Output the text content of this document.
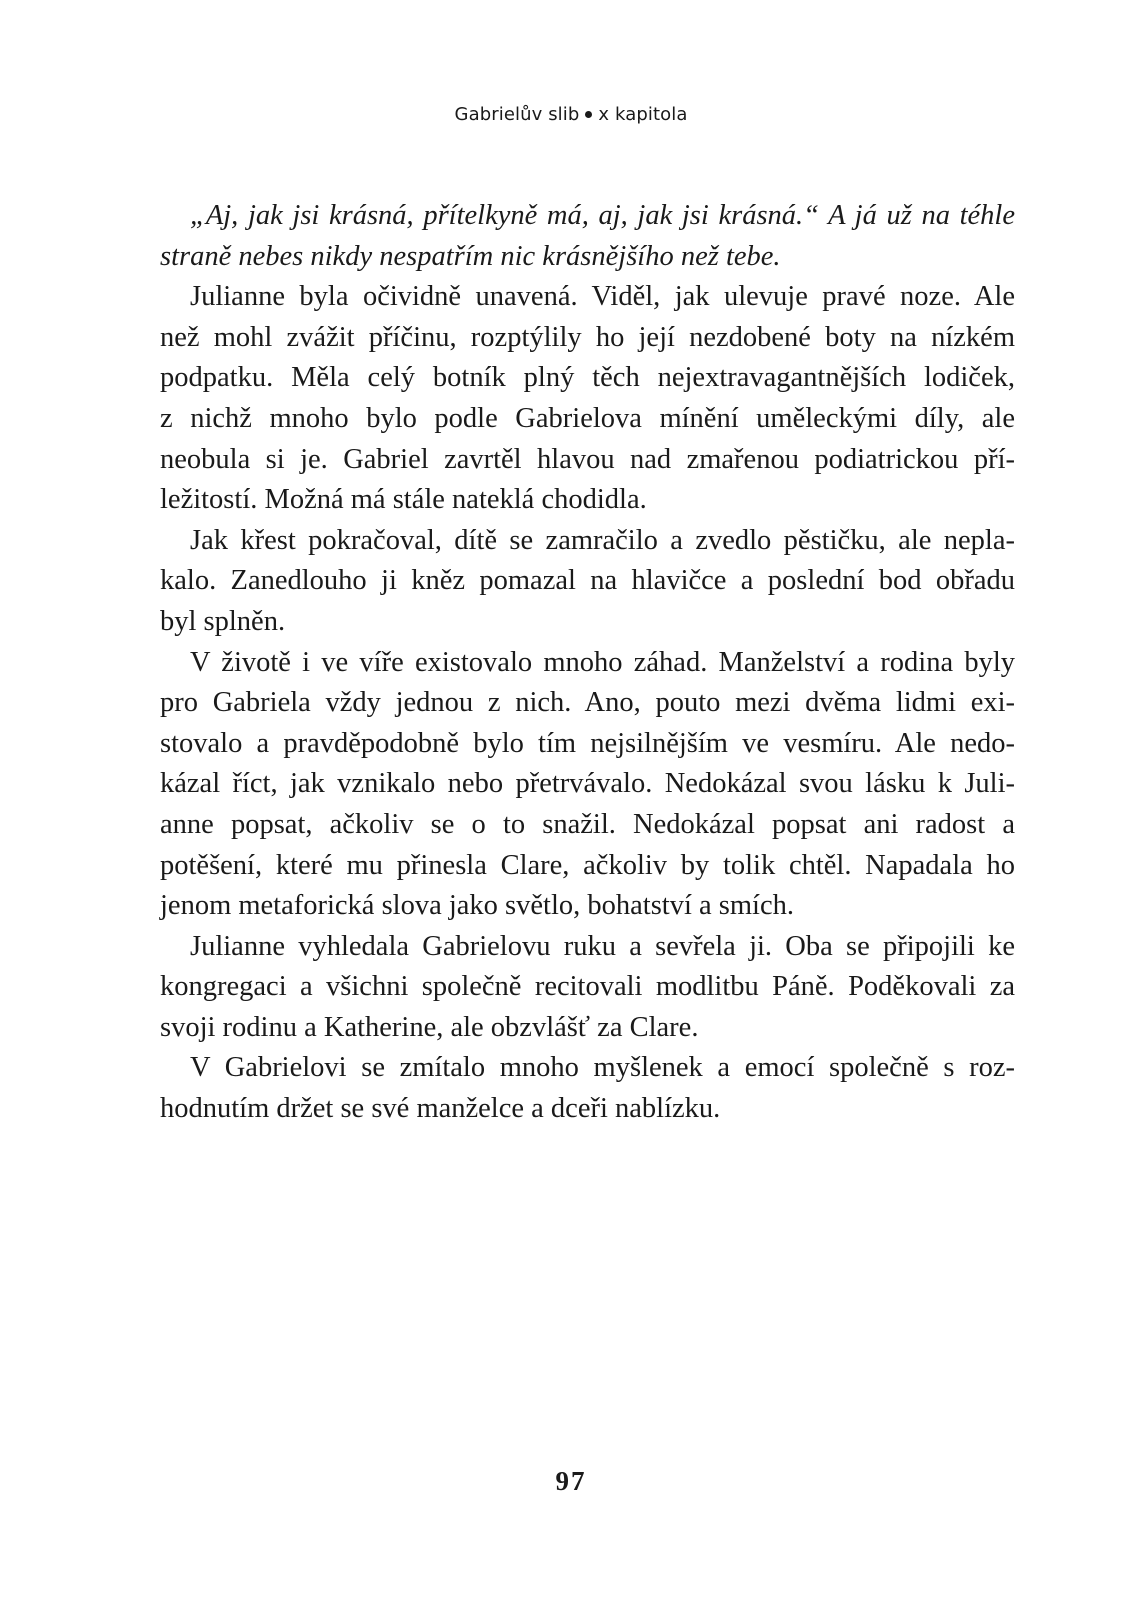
Gabrielův slib x kapitola

„Aj, jak jsi krásná, přítelkyně má, aj, jak jsi krásná.“ A já už na téhle
straně nebes nikdy nespatřím nic krásnějšího než tebe.

Julianne byla očividně unavená. Viděl, jak ulevuje pravé noze. Ale
než mohl zvážit příčinu, rozptýlily ho její nezdobené boty na nízkém
podpatku. Měla celý botník plný těch nejextravagantnějších lodiček,
z nichž mnoho bylo podle Gabrielova mínění uměleckými díly, ale
neobula si je. Gabriel zavrtěl hlavou nad zmařenou podiatrickou pří-
ležitostí. Možná má stále nateklá chodidla.

Jak křest pokračoval, dítě se zamračilo a zvedlo pěstičku, ale nepla-
kalo. Zanedlouho ji kněz pomazal na hlavičce a poslední bod obřadu
byl splněn.

V životě i ve víře existovalo mnoho záhad. Manželství a rodina byly
pro Gabriela vždy jednou z nich. Ano, pouto mezi dvěma lidmi exi-
stovalo a pravděpodobně bylo tím nejsilnějším ve vesmíru. Ale nedo-
kázal říct, jak vznikalo nebo přetrvávalo. Nedokázal svou lásku k Juli-
anne popsat, ačkoliv se o to snažil. Nedokázal popsat ani radost a
potěšení, které mu přinesla Clare, ačkoliv by tolik chtěl. Napadala ho
jenom metaforická slova jako světlo, bohatství a smích.

Julianne vyhledala Gabrielovu ruku a sevřela ji. Oba se připojili ke
kongregaci a všichni společně recitovali modlitbu Páně. Poděkovali za
svoji rodinu a Katherine, ale obzvlášť za Clare.

V Gabrielovi se zmítalo mnoho myšlenek a emocí společně s roz-
hodnutím držet se své manželce a dceři nablízku.

97
